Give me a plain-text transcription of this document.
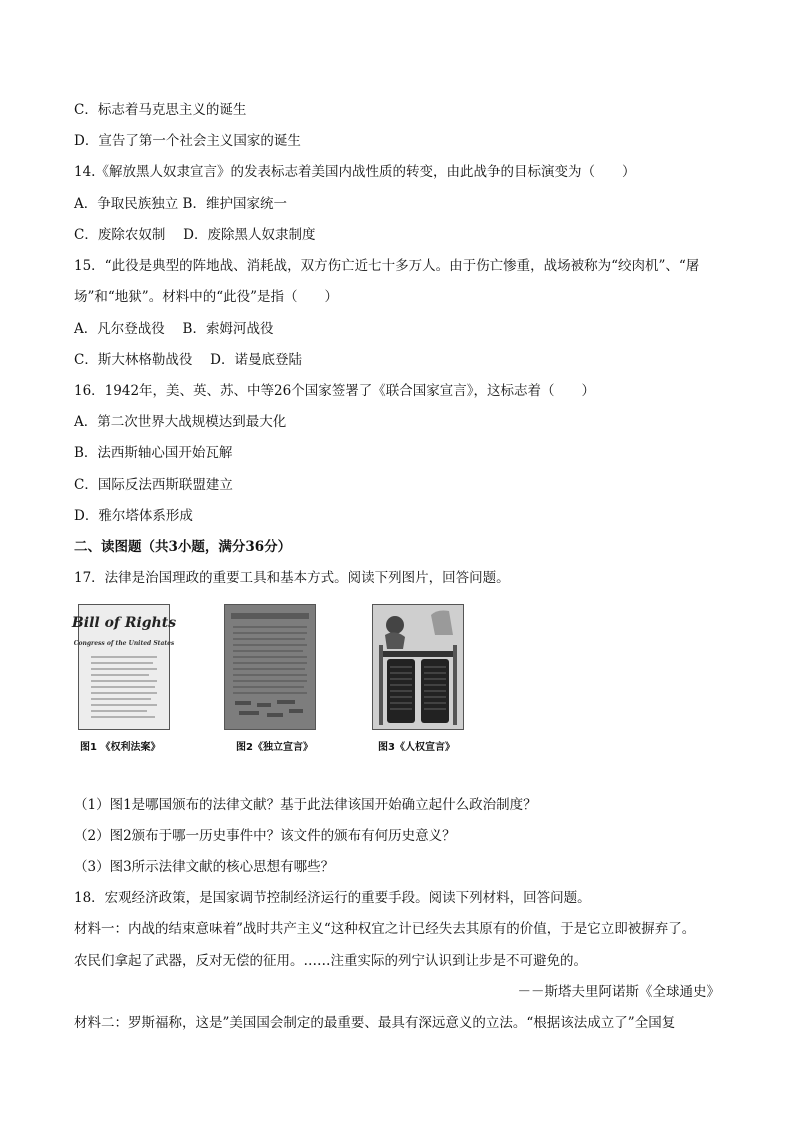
C．标志着马克思主义的诞生
D．宣告了第一个社会主义国家的诞生
14.《解放黑人奴隶宣言》的发表标志着美国内战性质的转变，由此战争的目标演变为（　　）
A．争取民族独立 B．维护国家统一
C．废除农奴制　 D．废除黑人奴隶制度
15．“此役是典型的阵地战、消耗战，双方伤亡近七十多万人。由于伤亡惨重，战场被称为“绞肉机”、“屠
场”和“地狱”。材料中的“此役”是指（　　）
A．凡尔登战役　 B．索姆河战役
C．斯大林格勒战役　 D．诺曼底登陆
16．1942年，美、英、苏、中等26个国家签署了《联合国家宣言》，这标志着（　　）
A．第二次世界大战规模达到最大化
B．法西斯轴心国开始瓦解
C．国际反法西斯联盟建立
D．雅尔塔体系形成
二、读图题（共3小题，满分36分）
17．法律是治国理政的重要工具和基本方式。阅读下列图片，回答问题。
Bill of Rights
Congress of the United States
图1 《权利法案》	图2《独立宣言》	图3《人权宣言》
（1）图1是哪国颁布的法律文献？基于此法律该国开始确立起什么政治制度？
（2）图2颁布于哪一历史事件中？该文件的颁布有何历史意义？
（3）图3所示法律文献的核心思想有哪些？
18．宏观经济政策，是国家调节控制经济运行的重要手段。阅读下列材料，回答问题。
材料一：内战的结束意味着”战时共产主义“这种权宜之计已经失去其原有的价值，于是它立即被摒弃了。
农民们拿起了武器，反对无偿的征用。……注重实际的列宁认识到让步是不可避免的。
－－斯塔夫里阿诺斯《全球通史》
材料二：罗斯福称，这是”美国国会制定的最重要、最具有深远意义的立法。“根据该法成立了”全国复
